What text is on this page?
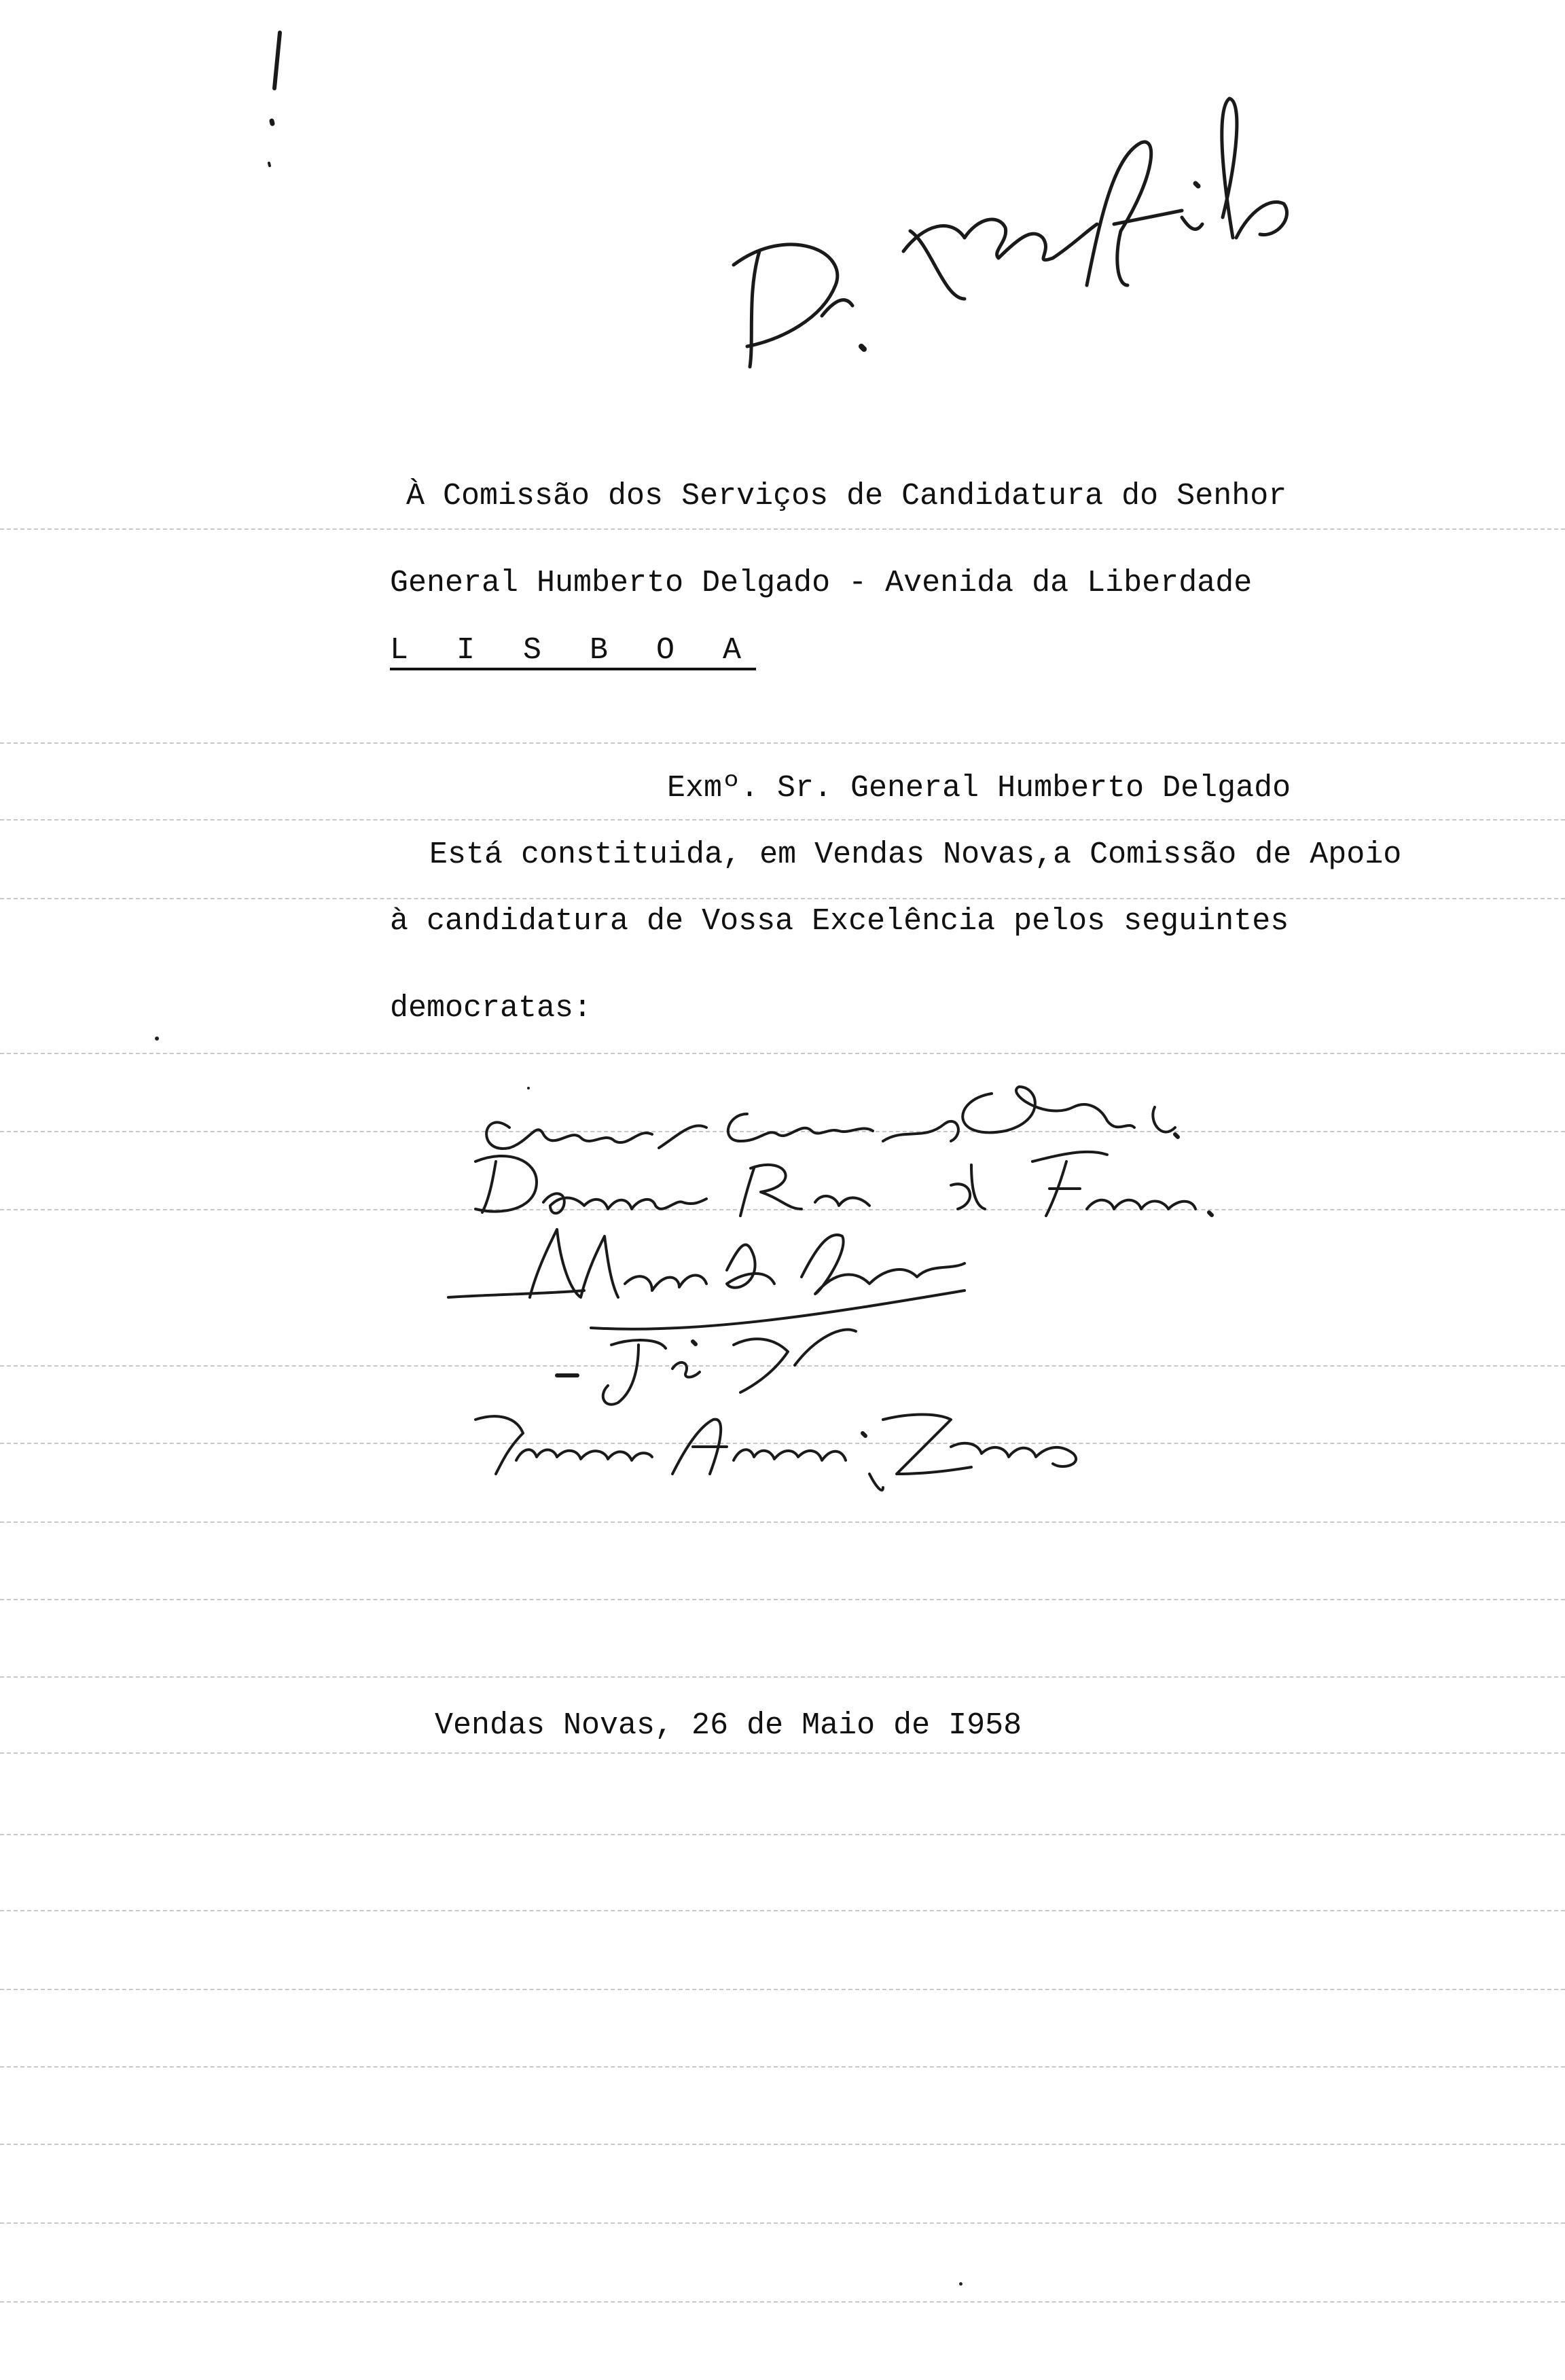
À Comissão dos Serviços de Candidatura do Senhor
General Humberto Delgado - Avenida da Liberdade
L I S B O A
Exmº. Sr. General Humberto Delgado
Está constituida, em Vendas Novas,a Comissão de Apoio
à candidatura de Vossa Excelência pelos seguintes
democratas:
Vendas Novas, 26 de Maio de I958
